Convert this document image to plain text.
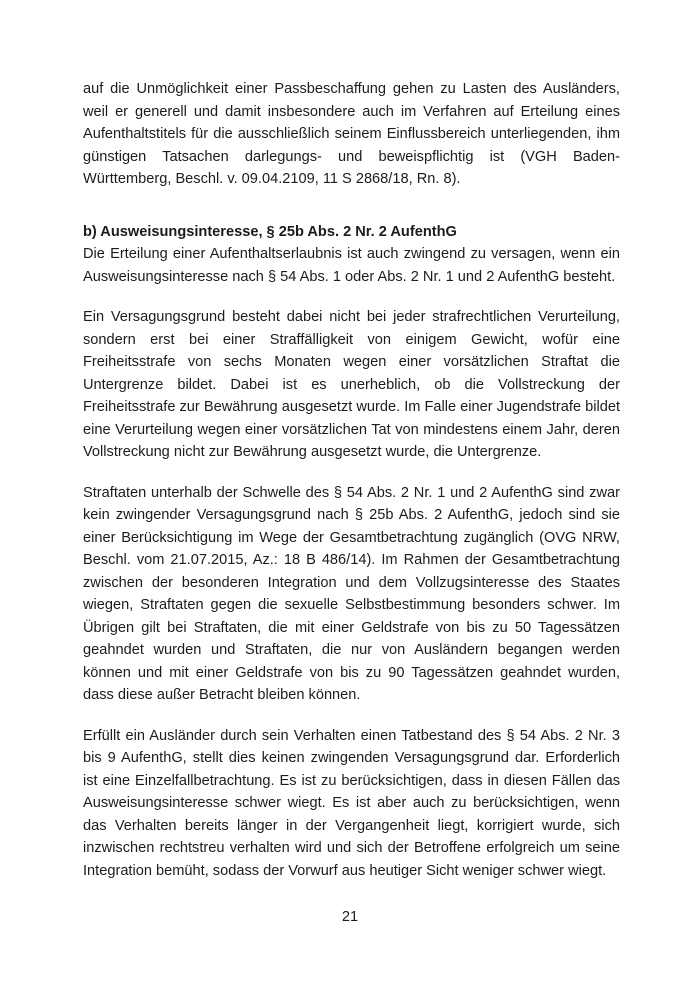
auf die Unmöglichkeit einer Passbeschaffung gehen zu Lasten des Ausländers, weil er generell und damit insbesondere auch im Verfahren auf Erteilung eines Aufenthaltstitels für die ausschließlich seinem Einflussbereich unterliegenden, ihm günstigen Tatsachen darlegungs- und beweispflichtig ist (VGH Baden-Württemberg, Beschl. v. 09.04.2109, 11 S 2868/18, Rn. 8).

b) Ausweisungsinteresse, § 25b Abs. 2 Nr. 2 AufenthG

Die Erteilung einer Aufenthaltserlaubnis ist auch zwingend zu versagen, wenn ein Ausweisungsinteresse nach § 54 Abs. 1 oder Abs. 2 Nr. 1 und 2 AufenthG besteht.

Ein Versagungsgrund besteht dabei nicht bei jeder strafrechtlichen Verurteilung, sondern erst bei einer Straffälligkeit von einigem Gewicht, wofür eine Freiheitsstrafe von sechs Monaten wegen einer vorsätzlichen Straftat die Untergrenze bildet. Dabei ist es unerheblich, ob die Vollstreckung der Freiheitsstrafe zur Bewährung ausgesetzt wurde. Im Falle einer Jugendstrafe bildet eine Verurteilung wegen einer vorsätzlichen Tat von mindestens einem Jahr, deren Vollstreckung nicht zur Bewährung ausgesetzt wurde, die Untergrenze.

Straftaten unterhalb der Schwelle des § 54 Abs. 2 Nr. 1 und 2 AufenthG sind zwar kein zwingender Versagungsgrund nach § 25b Abs. 2 AufenthG, jedoch sind sie einer Berücksichtigung im Wege der Gesamtbetrachtung zugänglich (OVG NRW, Beschl. vom 21.07.2015, Az.: 18 B 486/14). Im Rahmen der Gesamtbetrachtung zwischen der besonderen Integration und dem Vollzugsinteresse des Staates wiegen, Straftaten gegen die sexuelle Selbstbestimmung besonders schwer. Im Übrigen gilt bei Straftaten, die mit einer Geldstrafe von bis zu 50 Tagessätzen geahndet wurden und Straftaten, die nur von Ausländern begangen werden können und mit einer Geldstrafe von bis zu 90 Tagessätzen geahndet wurden, dass diese außer Betracht bleiben können.

Erfüllt ein Ausländer durch sein Verhalten einen Tatbestand des § 54 Abs. 2 Nr. 3 bis 9 AufenthG, stellt dies keinen zwingenden Versagungsgrund dar. Erforderlich ist eine Einzelfallbetrachtung. Es ist zu berücksichtigen, dass in diesen Fällen das Ausweisungsinteresse schwer wiegt. Es ist aber auch zu berücksichtigen, wenn das Verhalten bereits länger in der Vergangenheit liegt, korrigiert wurde, sich inzwischen rechtstreu verhalten wird und sich der Betroffene erfolgreich um seine Integration bemüht, sodass der Vorwurf aus heutiger Sicht weniger schwer wiegt.

21
